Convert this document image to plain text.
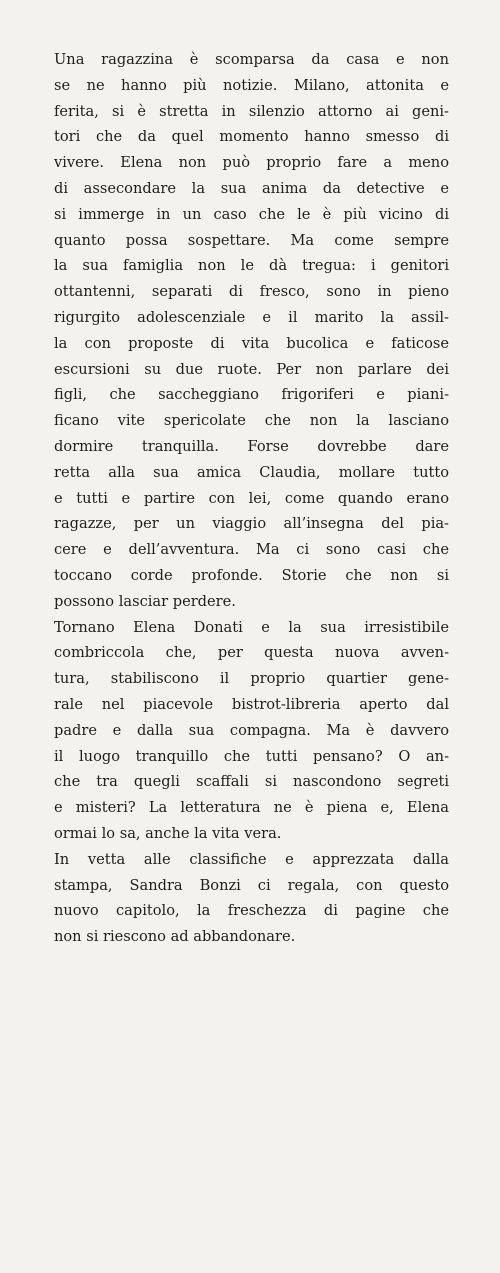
Una ragazzina è scomparsa da casa e non
se ne hanno più notizie. Milano, attonita e
ferita, si è stretta in silenzio attorno ai geni-
tori che da quel momento hanno smesso di
vivere. Elena non può proprio fare a meno
di assecondare la sua anima da detective e
si immerge in un caso che le è più vicino di
quanto possa sospettare. Ma come sempre
la sua famiglia non le dà tregua: i genitori
ottantenni, separati di fresco, sono in pieno
rigurgito adolescenziale e il marito la assil-
la con proposte di vita bucolica e faticose
escursioni su due ruote. Per non parlare dei
figli, che saccheggiano frigoriferi e piani-
ficano vite spericolate che non la lasciano
dormire tranquilla. Forse dovrebbe dare
retta alla sua amica Claudia, mollare tutto
e tutti e partire con lei, come quando erano
ragazze, per un viaggio all’insegna del pia-
cere e dell’avventura. Ma ci sono casi che
toccano corde profonde. Storie che non si
possono lasciar perdere.
Tornano Elena Donati e la sua irresistibile
combriccola che, per questa nuova avven-
tura, stabiliscono il proprio quartier gene-
rale nel piacevole bistrot-libreria aperto dal
padre e dalla sua compagna. Ma è davvero
il luogo tranquillo che tutti pensano? O an-
che tra quegli scaffali si nascondono segreti
e misteri? La letteratura ne è piena e, Elena
ormai lo sa, anche la vita vera.
In vetta alle classifiche e apprezzata dalla
stampa, Sandra Bonzi ci regala, con questo
nuovo capitolo, la freschezza di pagine che
non si riescono ad abbandonare.
